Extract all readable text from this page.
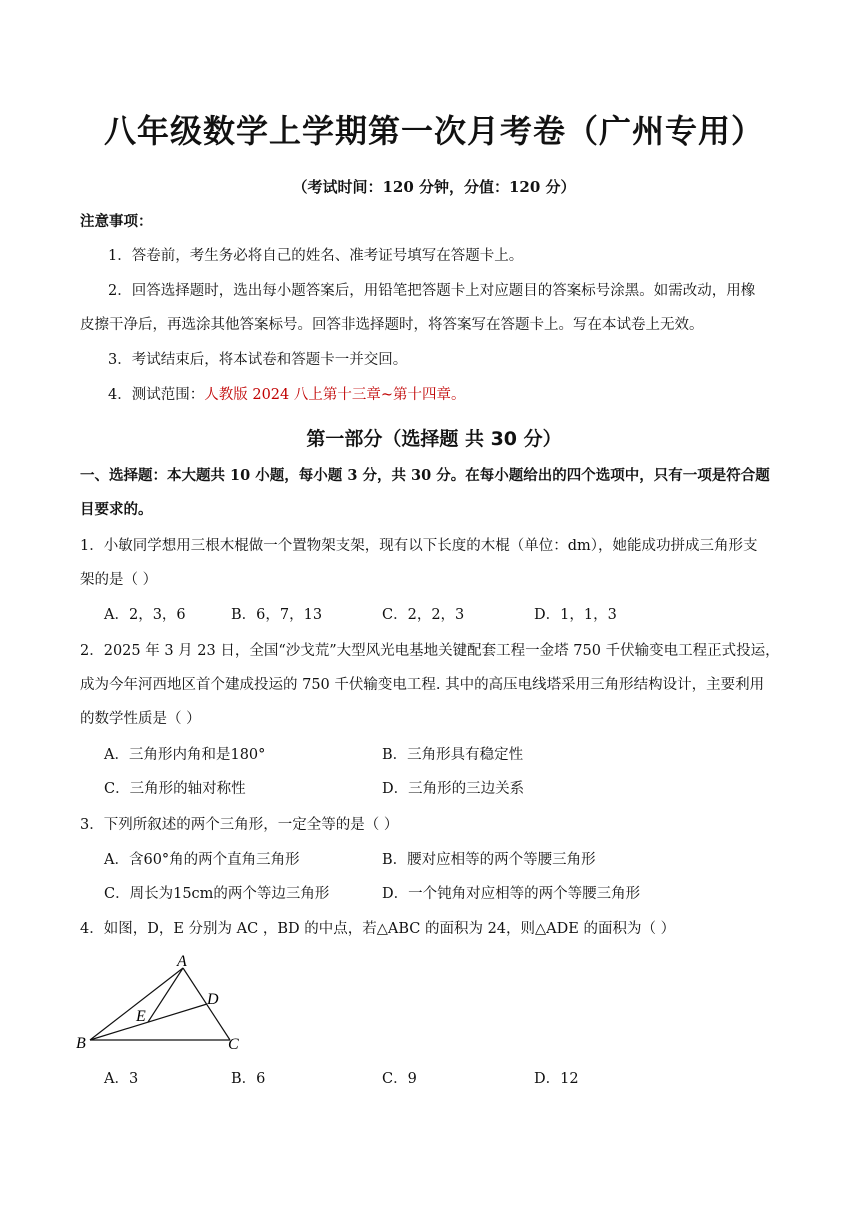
八年级数学上学期第一次月考卷（广州专用）
（考试时间：120 分钟，分值：120 分）
注意事项：
1．答卷前，考生务必将自己的姓名、准考证号填写在答题卡上。
2．回答选择题时，选出每小题答案后，用铅笔把答题卡上对应题目的答案标号涂黑。如需改动，用橡
皮擦干净后，再选涂其他答案标号。回答非选择题时，将答案写在答题卡上。写在本试卷上无效。
3．考试结束后，将本试卷和答题卡一并交回。
4．测试范围：人教版 2024 八上第十三章~第十四章。
第一部分（选择题 共 30 分）
一、选择题：本大题共 10 小题，每小题 3 分，共 30 分。在每小题给出的四个选项中，只有一项是符合题
目要求的。
1．小敏同学想用三根木棍做一个置物架支架，现有以下长度的木棍（单位：dm），她能成功拼成三角形支
架的是（ ）
A．2，3，6	B．6，7，13	C．2，2，3	D．1，1，3
2．2025 年 3 月 23 日，全国“沙戈荒”大型风光电基地关键配套工程一金塔 750 千伏输变电工程正式投运，
成为今年河西地区首个建成投运的 750 千伏输变电工程. 其中的高压电线塔采用三角形结构设计，主要利用
的数学性质是（ ）
A．三角形内角和是180°	B．三角形具有稳定性
C．三角形的轴对称性	D．三角形的三边关系
3．下列所叙述的两个三角形，一定全等的是（ ）
A．含60°角的两个直角三角形	B．腰对应相等的两个等腰三角形
C．周长为15cm的两个等边三角形	D．一个钝角对应相等的两个等腰三角形
4．如图，D，E 分别为 AC ，BD 的中点，若△ABC 的面积为 24，则△ADE 的面积为（ ）
A
B	C
D
E
A．3	B．6	C．9	D．12
